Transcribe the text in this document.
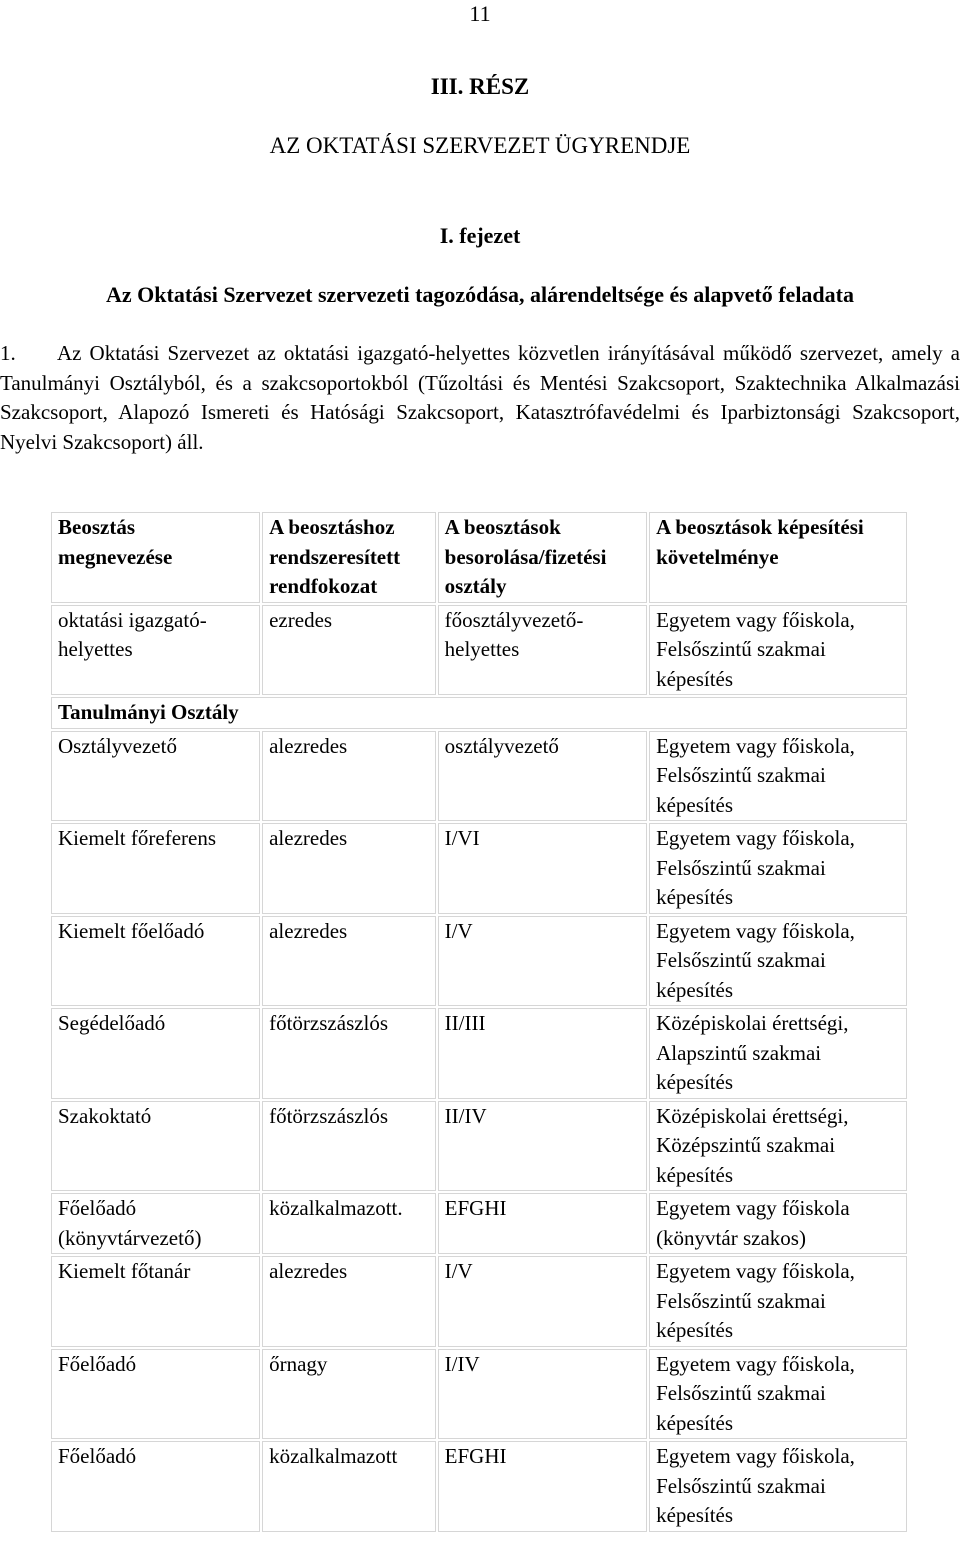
11
III. RÉSZ
AZ OKTATÁSI SZERVEZET ÜGYRENDJE
I. fejezet
Az Oktatási Szervezet szervezeti tagozódása, alárendeltsége és alapvető feladata
1.	Az Oktatási Szervezet az oktatási igazgató-helyettes közvetlen irányításával működő szervezet, amely a Tanulmányi Osztályból, és a szakcsoportokból (Tűzoltási és Mentési Szakcsoport, Szaktechnika Alkalmazási Szakcsoport, Alapozó Ismereti és Hatósági Szakcsoport, Katasztrófavédelmi és Iparbiztonsági Szakcsoport, Nyelvi Szakcsoport) áll.
Beosztás megnevezése	A beosztáshoz rendszeresített rendfokozat	A beosztások besorolása/fizetési osztály	A beosztások képesítési követelménye
oktatási igazgató-helyettes	ezredes	főosztályvezető-helyettes	Egyetem vagy főiskola, Felsőszintű szakmai képesítés
Tanulmányi Osztály			
Osztályvezető	alezredes	osztályvezető	Egyetem vagy főiskola, Felsőszintű szakmai képesítés
Kiemelt főreferens	alezredes	I/VI	Egyetem vagy főiskola, Felsőszintű szakmai képesítés
Kiemelt főelőadó	alezredes	I/V	Egyetem vagy főiskola, Felsőszintű szakmai képesítés
Segédelőadó	főtörzszászlós	II/III	Középiskolai érettségi, Alapszintű szakmai képesítés
Szakoktató	főtörzszászlós	II/IV	Középiskolai érettségi, Középszintű szakmai képesítés
Főelőadó (könyvtárvezető)	közalkalmazott.	EFGHI	Egyetem vagy főiskola (könyvtár szakos)
Kiemelt főtanár	alezredes	I/V	Egyetem vagy főiskola, Felsőszintű szakmai képesítés
Főelőadó	őrnagy	I/IV	Egyetem vagy főiskola, Felsőszintű szakmai képesítés
Főelőadó	közalkalmazott	EFGHI	Egyetem vagy főiskola, Felsőszintű szakmai képesítés
